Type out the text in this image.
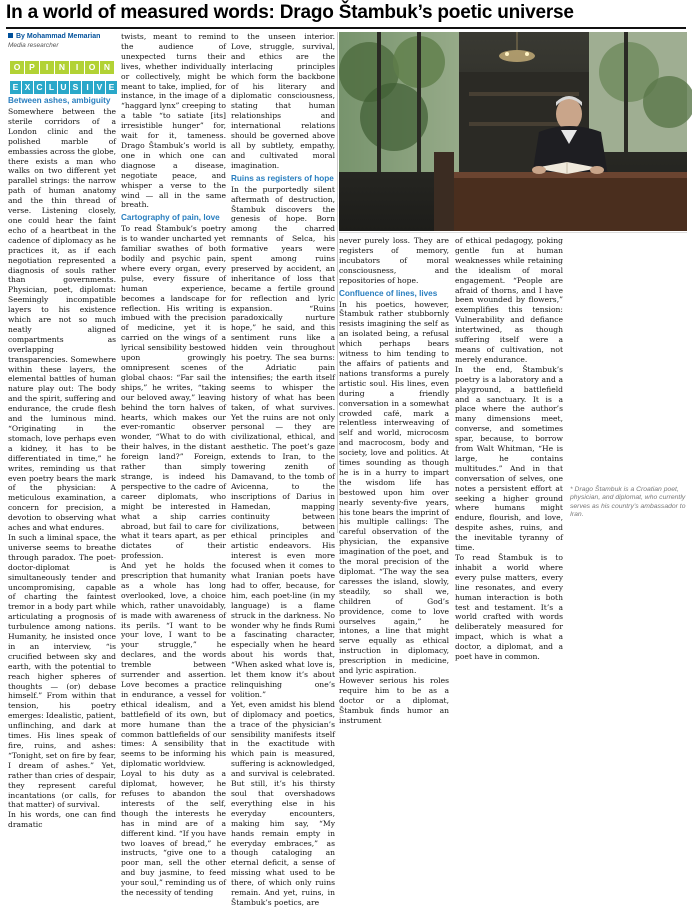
In a world of measured words: Drago Štambuk’s poetic universe
By Mohammad Memarian
Media researcher
O P I N I O N
E X C L U S I V E
Between ashes, ambiguity

Somewhere between the sterile corridors of a London clinic and the polished marble of embassies across the globe, there exists a man who walks on two different yet parallel strings: the narrow path of human anatomy and the thin thread of verse. Listening closely, one could hear the faint echo of a heartbeat in the cadence of diplomacy as he practices it, as if each negotiation represented a diagnosis of souls rather than governments. Physician, poet, diplomat: Seemingly incompatible layers to his existence which are not so much neatly aligned compartments as overlapping transparencies. Somewhere within these layers, the elemental battles of human nature play out: The body and the spirit, suffering and endurance, the crude flesh and the luminous mind. “Originating in the stomach, love perhaps even a kidney, it has to be differentiated in time,” he writes, reminding us that even poetry bears the mark of the physician: A meticulous examination, a concern for precision, a devotion to observing what aches and what endures.

In such a liminal space, the universe seems to breathe through paradox. The poet-doctor-diplomat is simultaneously tender and uncompromising, capable of charting the faintest tremor in a body part while articulating a prognosis of turbulence among nations. Humanity, he insisted once in an interview, “is crucified between sky and earth, with the potential to reach higher spheres of thoughts — (or) debase himself.” From within that tension, his poetry emerges: Idealistic, patient, unflinching, and dark at times. His lines speak of fire, ruins, and ashes: “Tonight, set on fire by fear, I dream of ashes.” Yet, rather than cries of despair, they represent careful incantations (or calls, for that matter) of survival.

In his words, one can find dramatic

twists, meant to remind the audience of unexpected turns their lives, whether individually or collectively, might be meant to take, implied, for instance, in the image of a “haggard lynx” creeping to a table “to satiate [its] irresistible hunger” for, wait for it, tameness. Drago Štambuk’s world is one in which one can diagnose a disease, negotiate peace, and whisper a verse to the wind — all in the same breath.

Cartography of pain, love

To read Štambuk’s poetry is to wander uncharted yet familiar swathes of both bodily and psychic pain, where every organ, every pulse, every fissure of human experience, becomes a landscape for reflection. His writing is imbued with the precision of medicine, yet it is carried on the wings of a lyrical sensibility bestowed upon growingly omnipresent scenes of global chaos: “Far sail the ships,” he writes, “taking our beloved away,” leaving behind the torn halves of hearts, which makes our ever-romantic observer wonder, “What to do with their halves, in the distant foreign land?” Foreign, rather than simply strange, is indeed his perspective to the cadre of career diplomats, who might be interested in what a ship carries abroad, but fail to care for what it tears apart, as per dictates of their profession.

And yet he holds the prescription that humanity as a whole has long overlooked, love, a choice which, rather unavoidably, is made with awareness of its perils. “I want to be your love, I want to be your struggle,” he declares, and the words tremble between surrender and assertion. Love becomes a practice in endurance, a vessel for ethical idealism, and a battlefield of its own, but more humane than the common battlefields of our times: A sensibility that seems to be informing his diplomatic worldview.

Loyal to his duty as a diplomat, however, he refuses to abandon the interests of the self, though the interests he has in mind are of a different kind. “If you have two loaves of bread,” he instructs, “give one to a poor man, sell the other and buy jasmine, to feed your soul,” reminding us of the necessity of tending

to the unseen interior. Love, struggle, survival, and ethics are the interlacing principles which form the backbone of his literary and diplomatic consciousness, stating that human relationships and international relations should be governed above all by subtlety, empathy, and cultivated moral imagination.

Ruins as registers of hope

In the purportedly silent aftermath of destruction, Štambuk discovers the genesis of hope. Born among the charred remnants of Selca, his formative years were spent among ruins preserved by accident, an inheritance of loss that became a fertile ground for reflection and lyric expansion. “Ruins paradoxically nurture hope,” he said, and this sentiment runs like a hidden vein throughout his poetry. The sea burns: the Adriatic pain intensifies; the earth itself seems to whisper the history of what has been taken, of what survives. Yet the ruins are not only personal — they are civilizational, ethical, and aesthetic. The poet’s gaze extends to Iran, to the towering zenith of Damavand, to the tomb of Avicenna, to the inscriptions of Darius in Hamedan, mapping continuity between civilizations, between ethical principles and artistic endeavors. His interest is even more focused when it comes to what Iranian poets have had to offer, because, for him, each poet-line (in my language) is a flame struck in the darkness. No wonder why he finds Rumi a fascinating character, especially when he heard about his words that, “When asked what love is, let them know it’s about relinquishing one’s volition.”

Yet, even amidst his blend of diplomacy and poetics, a trace of the physician’s sensibility manifests itself in the exactitude with which pain is measured, suffering is acknowledged, and survival is celebrated. But still, it’s his thirsty soul that overshadows everything else in his everyday encounters, making him say, “My hands remain empty in everyday embraces,” as though cataloging an eternal deficit, a sense of missing what used to be there, of which only ruins remain. And yet, ruins, in Štambuk’s poetics, are

never purely loss. They are registers of memory, incubators of moral consciousness, and repositories of hope.

Confluence of lines, lives

In his poetics, however, Štambuk rather stubbornly resists imagining the self as an isolated being, a refusal which perhaps bears witness to him tending to the affairs of patients and nations transforms a purely artistic soul. His lines, even during a friendly conversation in a somewhat crowded café, mark a relentless interweaving of self and world, microcosm and macrocosm, body and society, love and politics. At times sounding as though he is in a hurry to impart the wisdom life has bestowed upon him over nearly seventy-five years, his tone bears the imprint of his multiple callings: The careful observation of the physician, the expansive imagination of the poet, and the moral precision of the diplomat. “The way the sea caresses the island, slowly, steadily, so shall we, children of God’s providence, come to love ourselves again,” he intones, a line that might serve equally as ethical instruction in diplomacy, prescription in medicine, and lyric aspiration.

However serious his roles require him to be as a doctor or a diplomat, Štambuk finds humor an instrument

of ethical pedagogy, poking gentle fun at human weaknesses while retaining the idealism of moral engagement. “People are afraid of thorns, and I have been wounded by flowers,” exemplifies this tension: Vulnerability and defiance intertwined, as though suffering itself were a means of cultivation, not merely endurance.

In the end, Štambuk’s poetry is a laboratory and a playground, a battlefield and a sanctuary. It is a place where the author’s many dimensions meet, converse, and sometimes spar, because, to borrow from Walt Whitman, “He is large, he contains multitudes.” And in that conversation of selves, one notes a persistent effort at seeking a higher ground where humans might endure, flourish, and love, despite ashes, ruins, and the inevitable tyranny of time.

To read Štambuk is to inhabit a world where every pulse matters, every line resonates, and every human interaction is both test and testament. It’s a world crafted with words deliberately measured for impact, which is what a doctor, a diplomat, and a poet have in common.

* Drago Štambuk is a Croatian poet, physician, and diplomat, who currently serves as his country’s ambassador to Iran.
